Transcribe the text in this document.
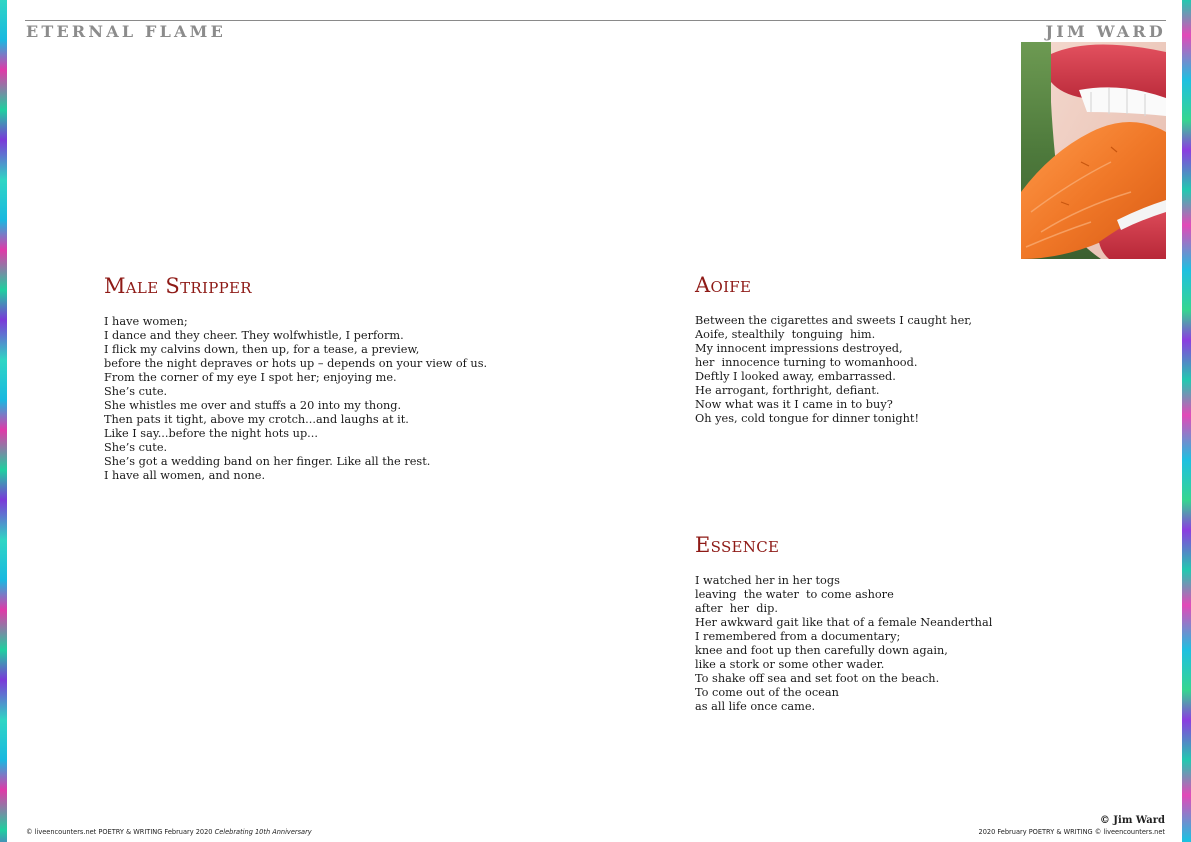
ETERNAL FLAME	JIM WARD
Male Stripper
I have women;
I dance and they cheer. They wolfwhistle, I perform.
I flick my calvins down, then up, for a tease, a preview,
before the night depraves or hots up – depends on your view of us.
From the corner of my eye I spot her; enjoying me.
She’s cute.
She whistles me over and stuffs a 20 into my thong.
Then pats it tight, above my crotch...and laughs at it.
Like I say...before the night hots up...
She’s cute.
She’s got a wedding band on her finger. Like all the rest.
I have all women, and none.
Aoife
Between the cigarettes and sweets I caught her,
Aoife, stealthily  tonguing  him.
My innocent impressions destroyed,
her  innocence turning to womanhood.
Deftly I looked away, embarrassed.
He arrogant, forthright, defiant.
Now what was it I came in to buy?
Oh yes, cold tongue for dinner tonight!
Essence
I watched her in her togs
leaving  the water  to come ashore
after  her  dip.
Her awkward gait like that of a female Neanderthal
I remembered from a documentary;
knee and foot up then carefully down again,
like a stork or some other wader.
To shake off sea and set foot on the beach.
To come out of the ocean
as all life once came.
© Jim Ward
© liveencounters.net POETRY & WRITING February 2020 Celebrating 10th Anniversary	2020 February POETRY & WRITING © liveencounters.net
